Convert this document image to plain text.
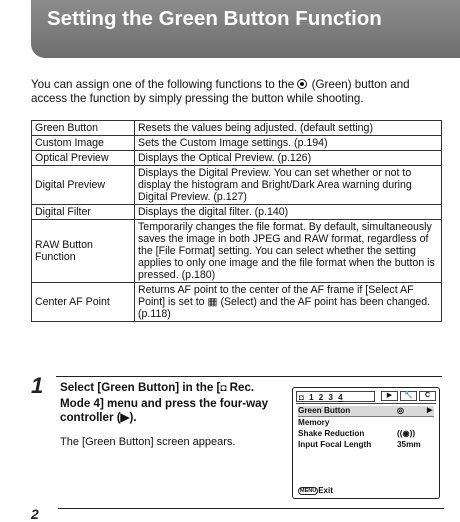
Setting the Green Button Function

You can assign one of the following functions to the  (Green) button and access the function by simply pressing the button while shooting.

Green Button	Resets the values being adjusted. (default setting)
Custom Image	Sets the Custom Image settings. (p.194)
Optical Preview	Displays the Optical Preview. (p.126)
Digital Preview	Displays the Digital Preview. You can set whether or not to display the histogram and Bright/Dark Area warning during Digital Preview. (p.127)
Digital Filter	Displays the digital filter. (p.140)
RAW Button Function	Temporarily changes the file format. By default, simultaneously saves the image in both JPEG and RAW format, regardless of the [File Format] setting. You can select whether the setting applies to only one image and the file format when the button is pressed. (p.180)
Center AF Point	Returns AF point to the center of the AF frame if [Select AF Point] is set to ▦ (Select) and the AF point has been changed. (p.118)
1 Select [Green Button] in the [◘ Rec. Mode 4] menu and press the four-way controller (▶).
The [Green Button] screen appears.
◘ 1 2 3 4	▶	🔧	C
Green Button	◎	▶
Memory
Shake Reduction	((◉))
Input Focal Length	35mm
MENU Exit
2
